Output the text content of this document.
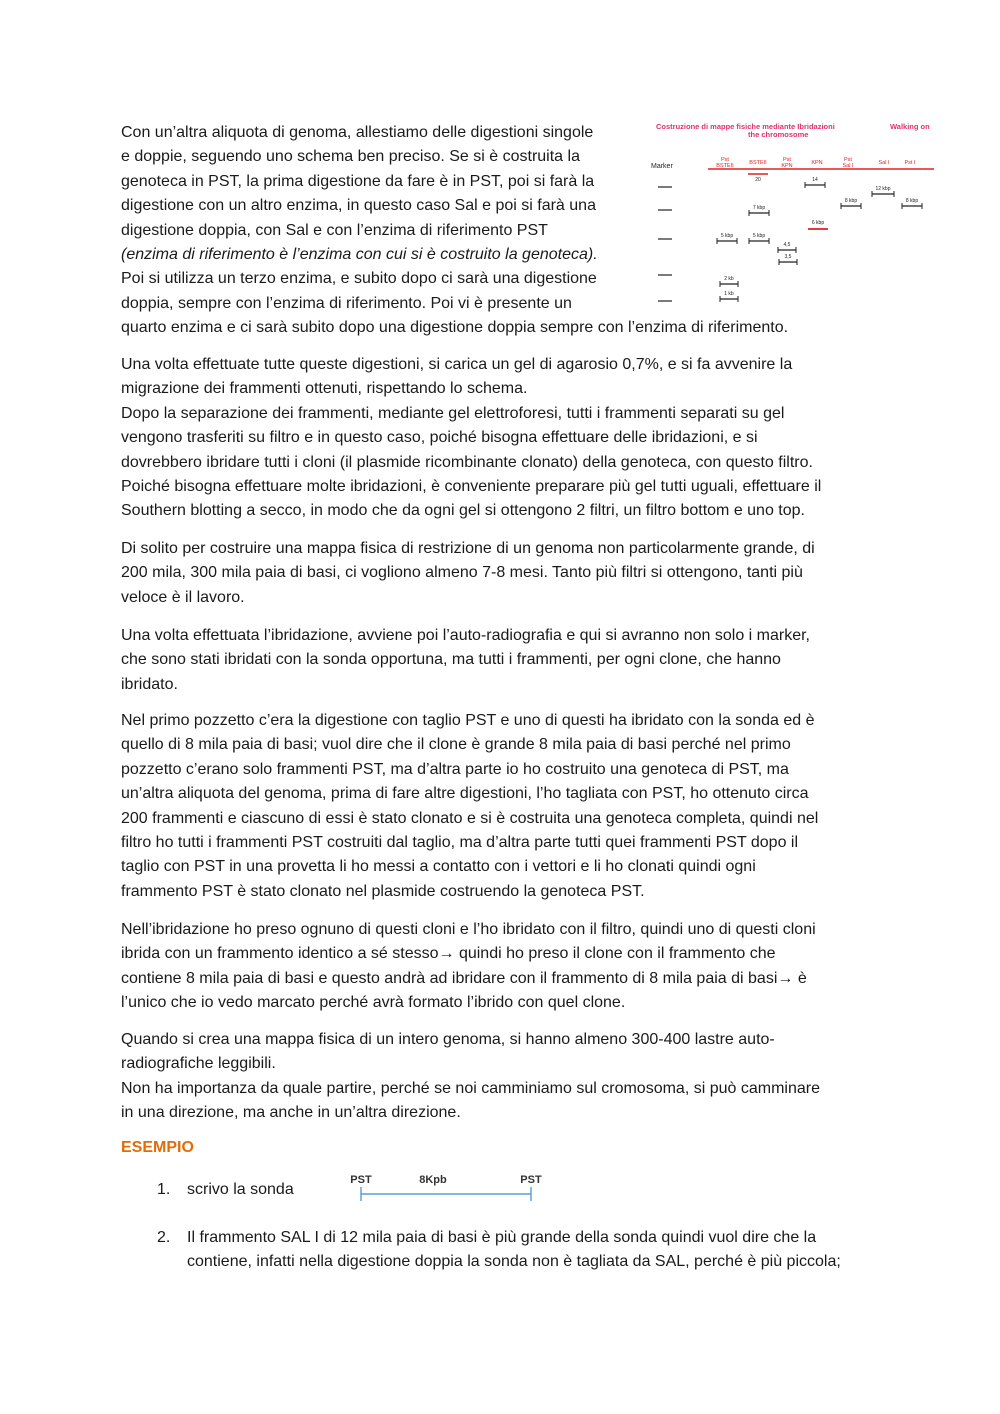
Con un’altra aliquota di genoma, allestiamo delle digestioni singole
e doppie, seguendo uno schema ben preciso. Se si è costruita la
genoteca in PST, la prima digestione da fare è in PST, poi si farà la
digestione con un altro enzima, in questo caso Sal e poi si farà una
digestione doppia, con Sal e con l’enzima di riferimento PST
(enzima di riferimento è l’enzima con cui si è costruito la genoteca).
Poi si utilizza un terzo enzima, e subito dopo ci sarà una digestione
doppia, sempre con l’enzima di riferimento. Poi vi è presente un
quarto enzima e ci sarà subito dopo una digestione doppia sempre con l’enzima di riferimento.
Costruzione di mappe fisiche mediante Ibridazioni	Walking on
the chromosome
Marker
Pst
BSTEII	BSTEII	Pst
KPN	KPN	Pst
Sal I	Sal I	Pst I
20	14
12 kbp
8 kbp	8 kbp
7 kbp
6 kbp
5 kbp	5 kbp
4,5
3,5
2 kb
1 kb
Una volta effettuate tutte queste digestioni, si carica un gel di agarosio 0,7%, e si fa avvenire la
migrazione dei frammenti ottenuti, rispettando lo schema.
Dopo la separazione dei frammenti, mediante gel elettroforesi, tutti i frammenti separati su gel
vengono trasferiti su filtro e in questo caso, poiché bisogna effettuare delle ibridazioni, e si
dovrebbero ibridare tutti i cloni (il plasmide ricombinante clonato) della genoteca, con questo filtro.
Poiché bisogna effettuare molte ibridazioni, è conveniente preparare più gel tutti uguali, effettuare il
Southern blotting a secco, in modo che da ogni gel si ottengono 2 filtri, un filtro bottom e uno top.
Di solito per costruire una mappa fisica di restrizione di un genoma non particolarmente grande, di
200 mila, 300 mila paia di basi, ci vogliono almeno 7-8 mesi. Tanto più filtri si ottengono, tanti più
veloce è il lavoro.
Una volta effettuata l’ibridazione, avviene poi l’auto-radiografia e qui si avranno non solo i marker,
che sono stati ibridati con la sonda opportuna, ma tutti i frammenti, per ogni clone, che hanno
ibridato.
Nel primo pozzetto c’era la digestione con taglio PST e uno di questi ha ibridato con la sonda ed è
quello di 8 mila paia di basi; vuol dire che il clone è grande 8 mila paia di basi perché nel primo
pozzetto c’erano solo frammenti PST, ma d’altra parte io ho costruito una genoteca di PST, ma
un’altra aliquota del genoma, prima di fare altre digestioni, l’ho tagliata con PST, ho ottenuto circa
200 frammenti e ciascuno di essi è stato clonato e si è costruita una genoteca completa, quindi nel
filtro ho tutti i frammenti PST costruiti dal taglio, ma d’altra parte tutti quei frammenti PST dopo il
taglio con PST in una provetta li ho messi a contatto con i vettori e li ho clonati quindi ogni
frammento PST è stato clonato nel plasmide costruendo la genoteca PST.
Nell’ibridazione ho preso ognuno di questi cloni e l’ho ibridato con il filtro, quindi uno di questi cloni
ibrida con un frammento identico a sé stesso→ quindi ho preso il clone con il frammento che
contiene 8 mila paia di basi e questo andrà ad ibridare con il frammento di 8 mila paia di basi→ è
l’unico che io vedo marcato perché avrà formato l’ibrido con quel clone.
Quando si crea una mappa fisica di un intero genoma, si hanno almeno 300-400 lastre auto-
radiografiche leggibili.
Non ha importanza da quale partire, perché se noi camminiamo sul cromosoma, si può camminare
in una direzione, ma anche in un’altra direzione.
ESEMPIO
1. scrivo la sonda
PST	8Kpb	PST
2. Il frammento SAL I di 12 mila paia di basi è più grande della sonda quindi vuol dire che la
contiene, infatti nella digestione doppia la sonda non è tagliata da SAL, perché è più piccola;
